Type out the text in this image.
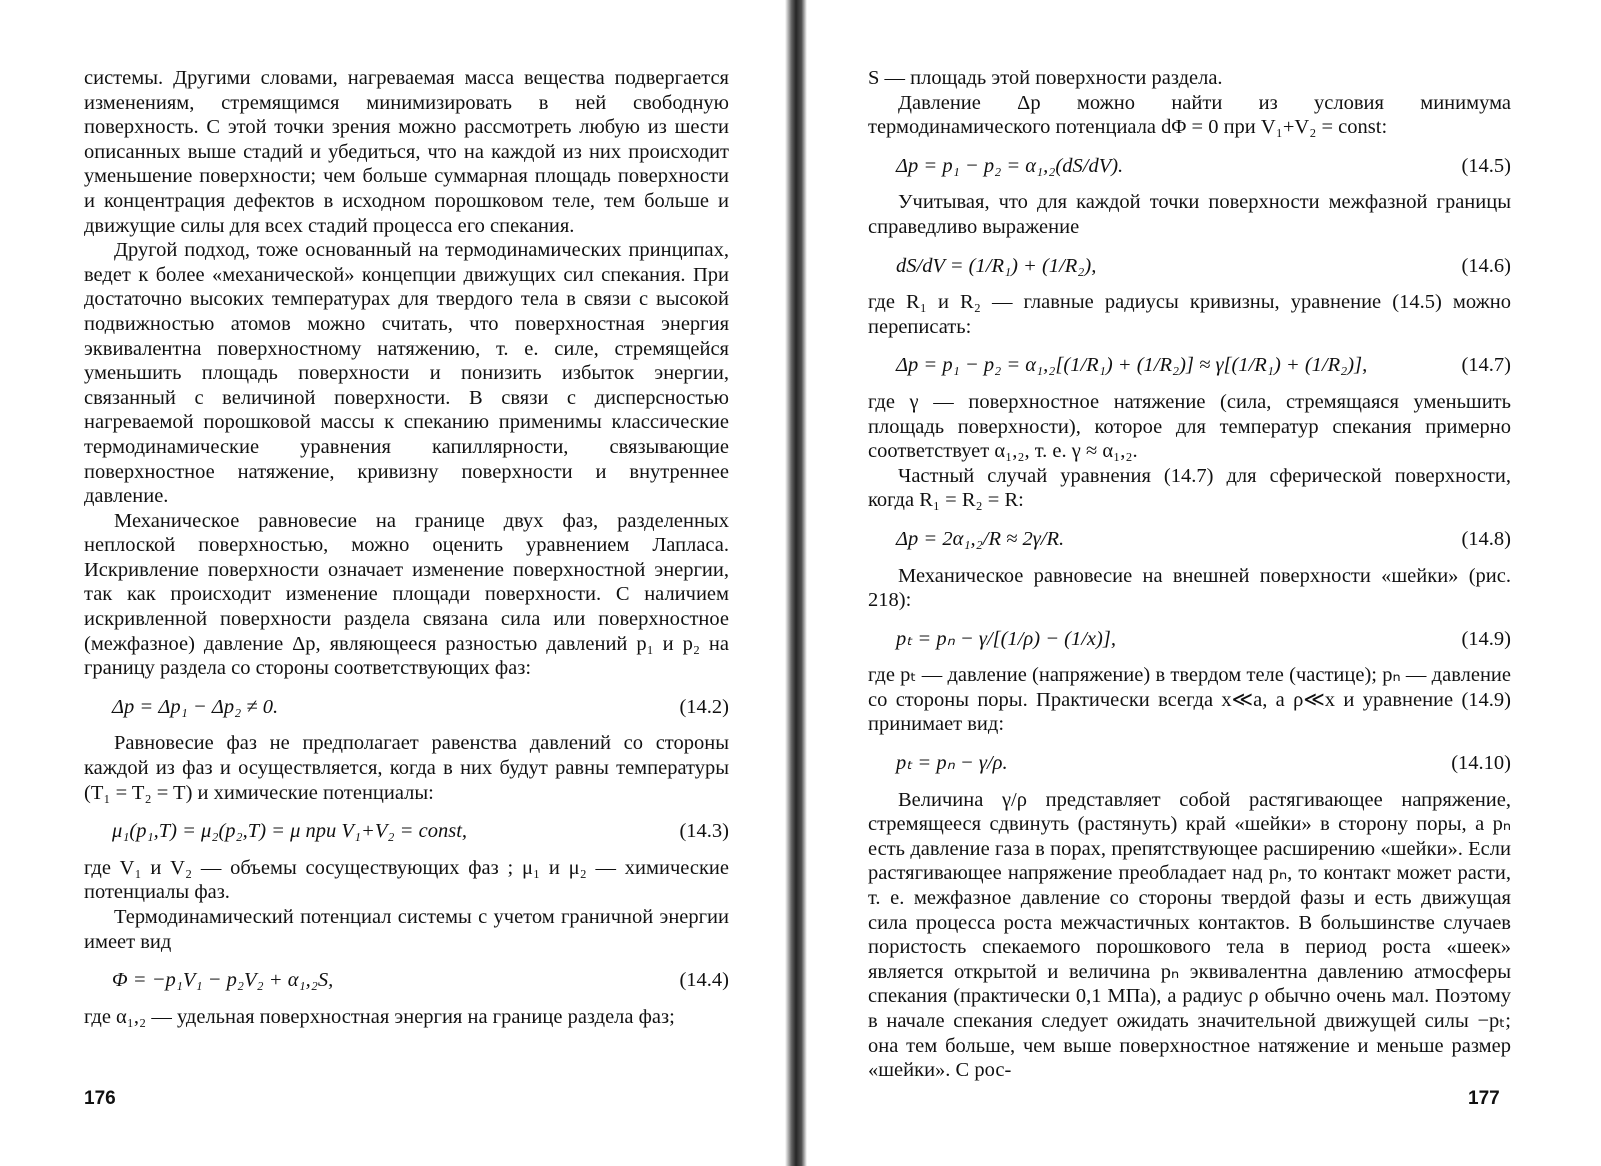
системы. Другими словами, нагреваемая масса вещества подвергается изменениям, стремящимся минимизировать в ней свободную поверхность. С этой точки зрения можно рассмотреть любую из шести описанных выше стадий и убедиться, что на каждой из них происходит уменьшение поверхности; чем больше суммарная площадь поверхности и концентрация дефектов в исходном порошковом теле, тем больше и движущие силы для всех стадий процесса его спекания.

Другой подход, тоже основанный на термодинамических принципах, ведет к более «механической» концепции движущих сил спекания. При достаточно высоких температурах для твердого тела в связи с высокой подвижностью атомов можно считать, что поверхностная энергия эквивалентна поверхностному натяжению, т. е. силе, стремящейся уменьшить площадь поверхности и понизить избыток энергии, связанный с величиной поверхности. В связи с дисперсностью нагреваемой порошковой массы к спеканию применимы классические термодинамические уравнения капиллярности, связывающие поверхностное натяжение, кривизну поверхности и внутреннее давление.

Механическое равновесие на границе двух фаз, разделенных неплоской поверхностью, можно оценить уравнением Лапласа. Искривление поверхности означает изменение поверхностной энергии, так как происходит изменение площади поверхности. С наличием искривленной поверхности раздела связана сила или поверхностное (межфазное) давление Δp, являющееся разностью давлений p₁ и p₂ на границу раздела со стороны соответствующих фаз:

Δp = Δp₁ − Δp₂ ≠ 0.	(14.2)

Равновесие фаз не предполагает равенства давлений со стороны каждой из фаз и осуществляется, когда в них будут равны температуры (T₁ = T₂ = T) и химические потенциалы:

μ₁(p₁,T) = μ₂(p₂,T) = μ при V₁+V₂ = const,	(14.3)

где V₁ и V₂ — объемы сосуществующих фаз ; μ₁ и μ₂ — химические потенциалы фаз.

Термодинамический потенциал системы с учетом граничной энергии имеет вид

Φ = −p₁V₁ − p₂V₂ + α₁,₂S,	(14.4)

где α₁,₂ — удельная поверхностная энергия на границе раздела фаз;

176

S — площадь этой поверхности раздела.

Давление Δp можно найти из условия минимума термодинамического потенциала dΦ = 0 при V₁+V₂ = const:

Δp = p₁ − p₂ = α₁,₂(dS/dV).	(14.5)

Учитывая, что для каждой точки поверхности межфазной границы справедливо выражение

dS/dV = (1/R₁) + (1/R₂),	(14.6)

где R₁ и R₂ — главные радиусы кривизны, уравнение (14.5) можно переписать:

Δp = p₁ − p₂ = α₁,₂[(1/R₁) + (1/R₂)] ≈ γ[(1/R₁) + (1/R₂)],	(14.7)

где γ — поверхностное натяжение (сила, стремящаяся уменьшить площадь поверхности), которое для температур спекания примерно соответствует α₁,₂, т. е. γ ≈ α₁,₂.

Частный случай уравнения (14.7) для сферической поверхности, когда R₁ = R₂ = R:

Δp = 2α₁,₂/R ≈ 2γ/R.	(14.8)

Механическое равновесие на внешней поверхности «шейки» (рис. 218):

pₜ = pₙ − γ/[(1/ρ) − (1/x)],	(14.9)

где pₜ — давление (напряжение) в твердом теле (частице); pₙ — давление со стороны поры. Практически всегда x≪a, а ρ≪x и уравнение (14.9) принимает вид:

pₜ = pₙ − γ/ρ.	(14.10)

Величина γ/ρ представляет собой растягивающее напряжение, стремящееся сдвинуть (растянуть) край «шейки» в сторону поры, а pₙ есть давление газа в порах, препятствующее расширению «шейки». Если растягивающее напряжение преобладает над pₙ, то контакт может расти, т. е. межфазное давление со стороны твердой фазы и есть движущая сила процесса роста межчастичных контактов. В большинстве случаев пористость спекаемого порошкового тела в период роста «шеек» является открытой и величина pₙ эквивалентна давлению атмосферы спекания (практически 0,1 МПа), а радиус ρ обычно очень мал. Поэтому в начале спекания следует ожидать значительной движущей силы −pₜ; она тем больше, чем выше поверхностное натяжение и меньше размер «шейки». С рос-

177
